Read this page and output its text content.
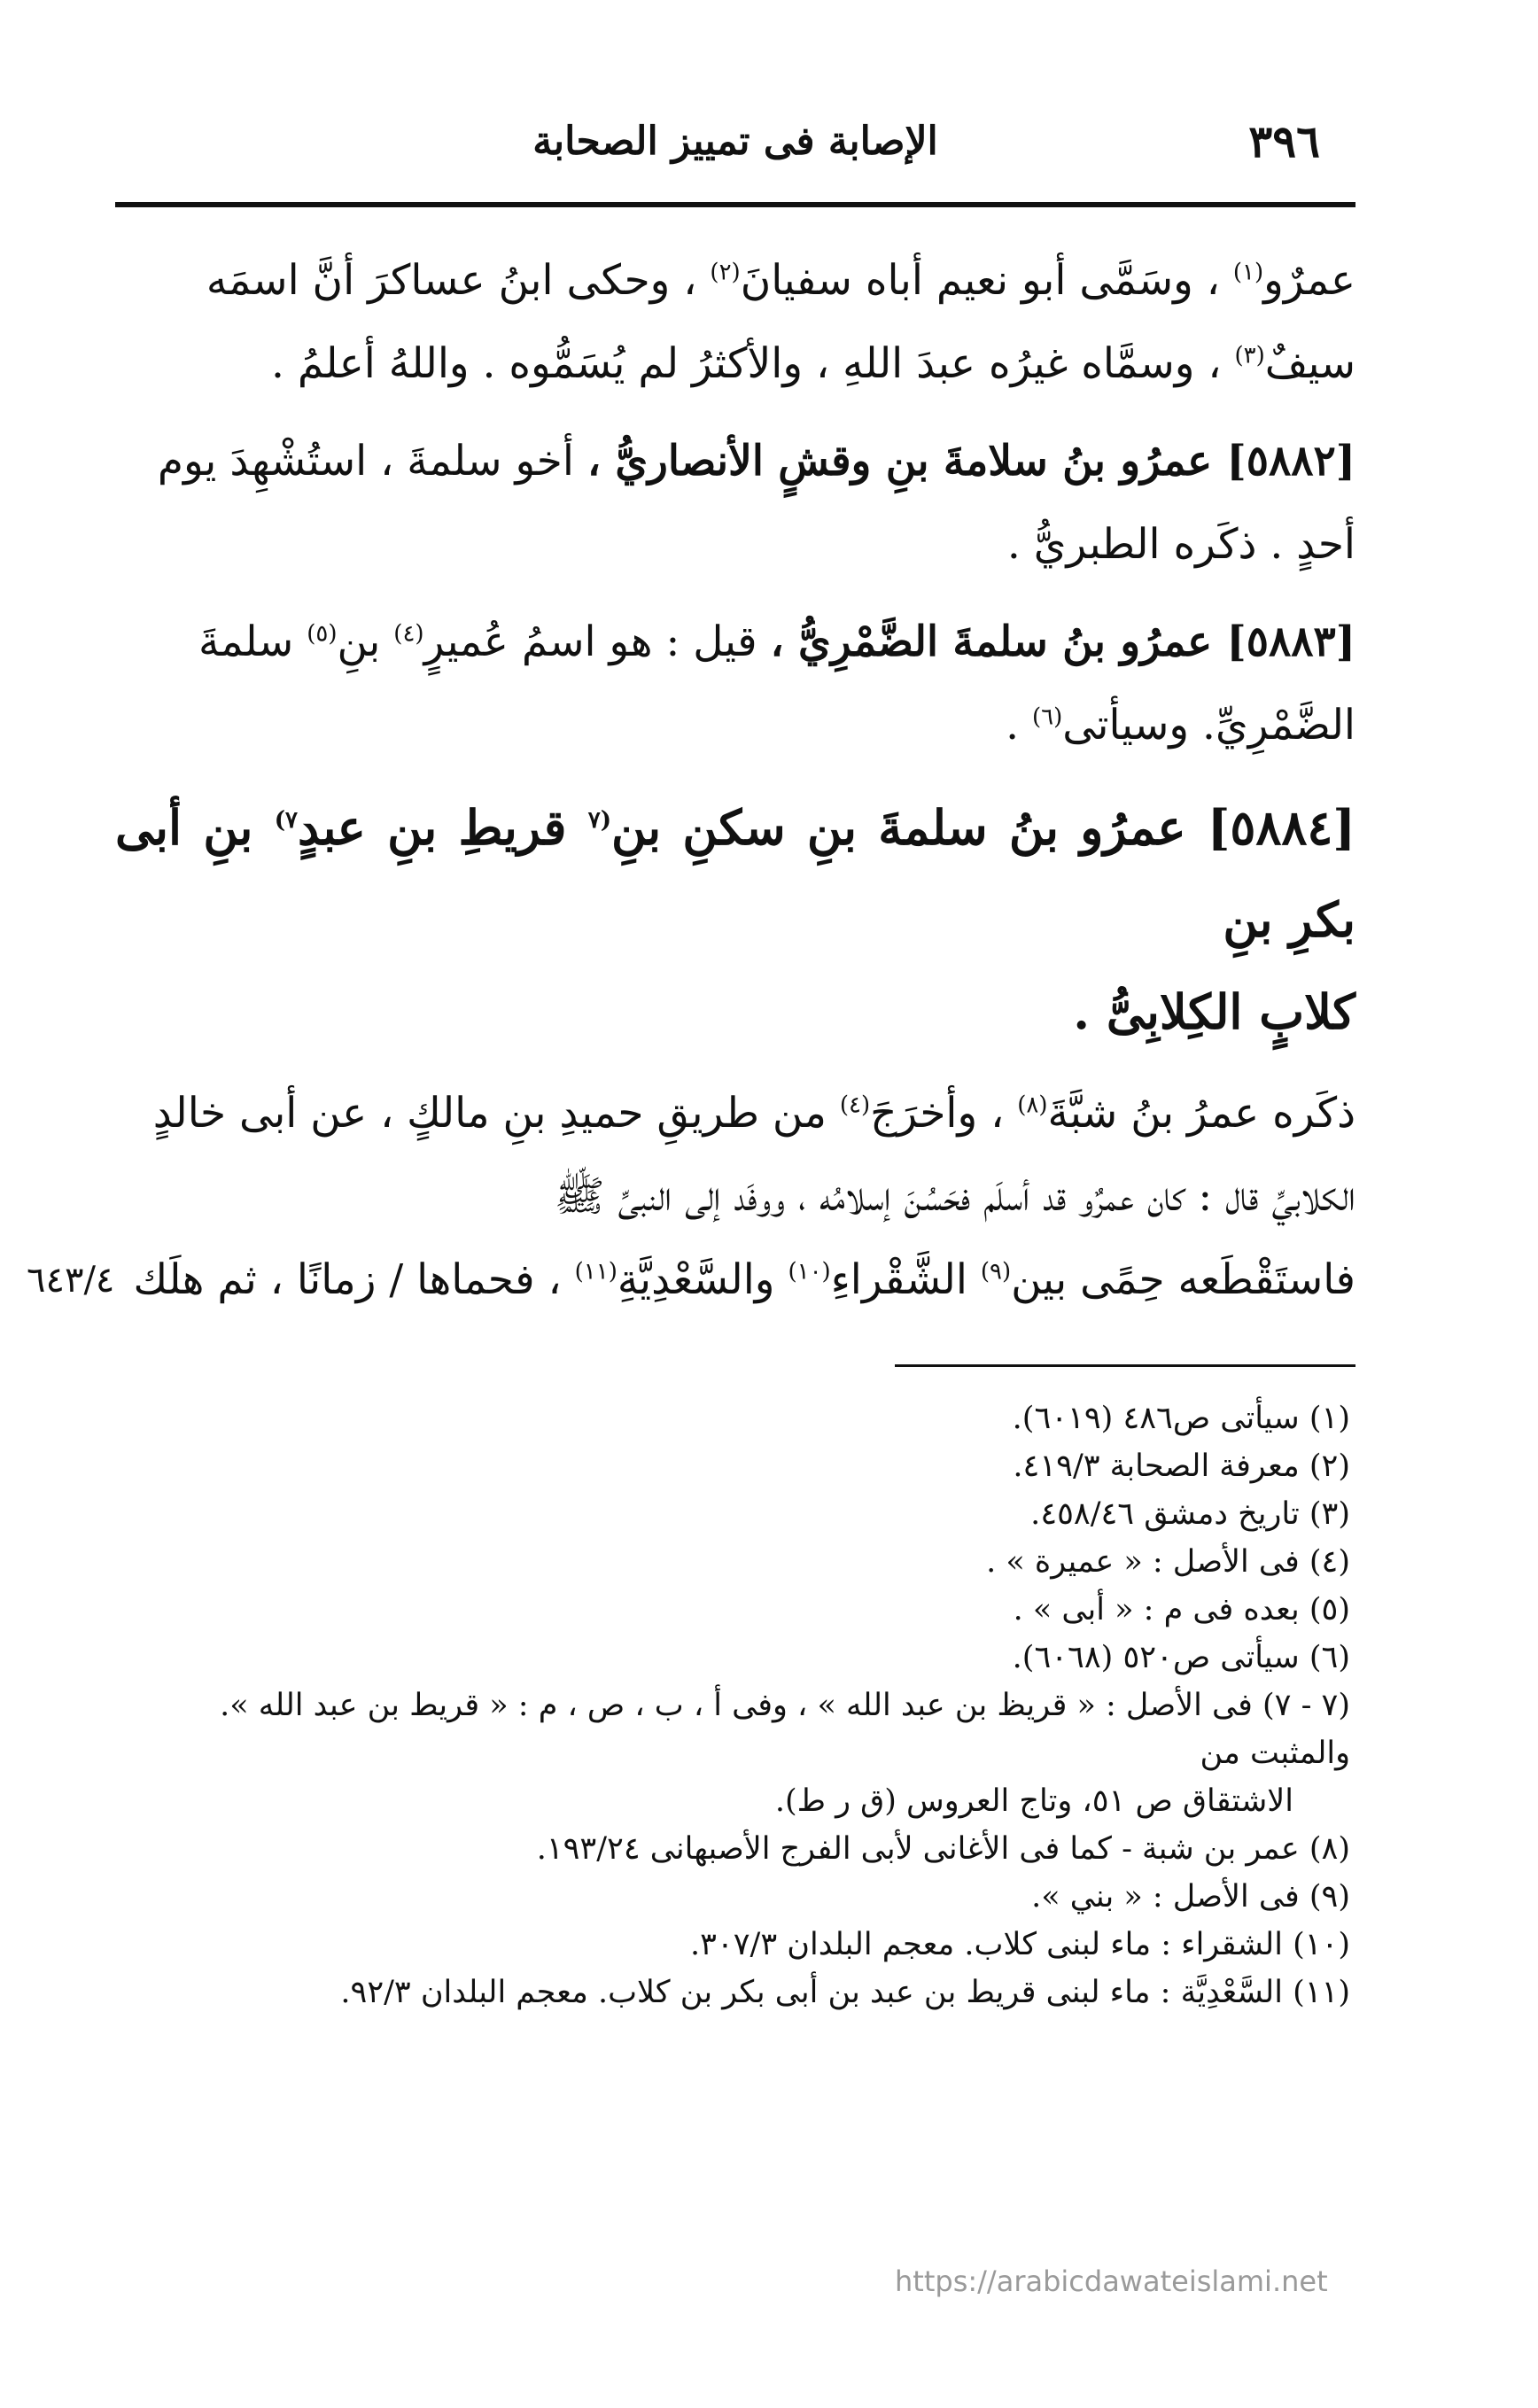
٣٩٦
الإصابة فى تمييز الصحابة
عمرٌو$^{(١)}$ ، وسَمَّى أبو نعيم أباه سفيانَ$^{(٢)}$ ، وحكى ابنُ عساكرَ أنَّ اسمَه
سيفٌ$^{(٣)}$ ، وسمَّاه غيرُه عبدَ اللهِ ، والأكثرُ لم يُسَمُّوه . واللهُ أعلمُ .
[٥٨٨٢] عمرُو بنُ سلامةَ بنِ وقشٍ الأنصاريُّ ، أخو سلمةَ ، استُشْهِدَ يوم
أحدٍ . ذكَره الطبريُّ .
[٥٨٨٣] عمرُو بنُ سلمةَ الضَّمْرِيُّ ، قيل : هو اسمُ عُميرٍ$^{(٤)}$ بنِ$^{(٥)}$ سلمةَ
الضَّمْرِيِّ. وسيأتى$^{(٦)}$ .
[٥٨٨٤] عمرُو بنُ سلمةَ بنِ سكنِ بنِ$^{(٧}$ قريطِ بنِ عبدٍ$^{٧)}$ بنِ أبى بكرِ بنِ
كلابٍ الكِلابِىُّ .
ذكَره عمرُ بنُ شبَّةَ$^{(٨)}$ ، وأخرَجَ$^{(٤)}$ من طريقِ حميدِ بنِ مالكٍ ، عن أبى خالدٍ
الكلابيِّ قال : كان عمرٌو قد أسلَم فحَسُنَ إسلامُه ، ووفَد إلى النبىِّ ﷺ
فاستَقْطَعه حِمًى بين$^{(٩)}$ الشَّقْراءِ$^{(١٠)}$ والسَّعْدِيَّةِ$^{(١١)}$ ، فحماها / زمانًا ، ثم هلَك
٦٤٣/٤
(١) سيأتى ص٤٨٦ (٦٠١٩).
(٢) معرفة الصحابة ٤١٩/٣.
(٣) تاريخ دمشق ٤٥٨/٤٦.
(٤) فى الأصل : « عميرة » .
(٥) بعده فى م : « أبى » .
(٦) سيأتى ص٥٢٠ (٦٠٦٨).
(٧ - ٧) فى الأصل : « قريظ بن عبد الله » ، وفى أ ، ب ، ص ، م : « قريط بن عبد الله ». والمثبت من
الاشتقاق ص ٥١، وتاج العروس (ق ر ط).
(٨) عمر بن شبة - كما فى الأغانى لأبى الفرج الأصبهانى ١٩٣/٢٤.
(٩) فى الأصل : « بني ».
(١٠) الشقراء : ماء لبنى كلاب. معجم البلدان ٣٠٧/٣.
(١١) السَّعْدِيَّة : ماء لبنى قريط بن عبد بن أبى بكر بن كلاب. معجم البلدان ٩٢/٣.
https://arabicdawateislami.net
